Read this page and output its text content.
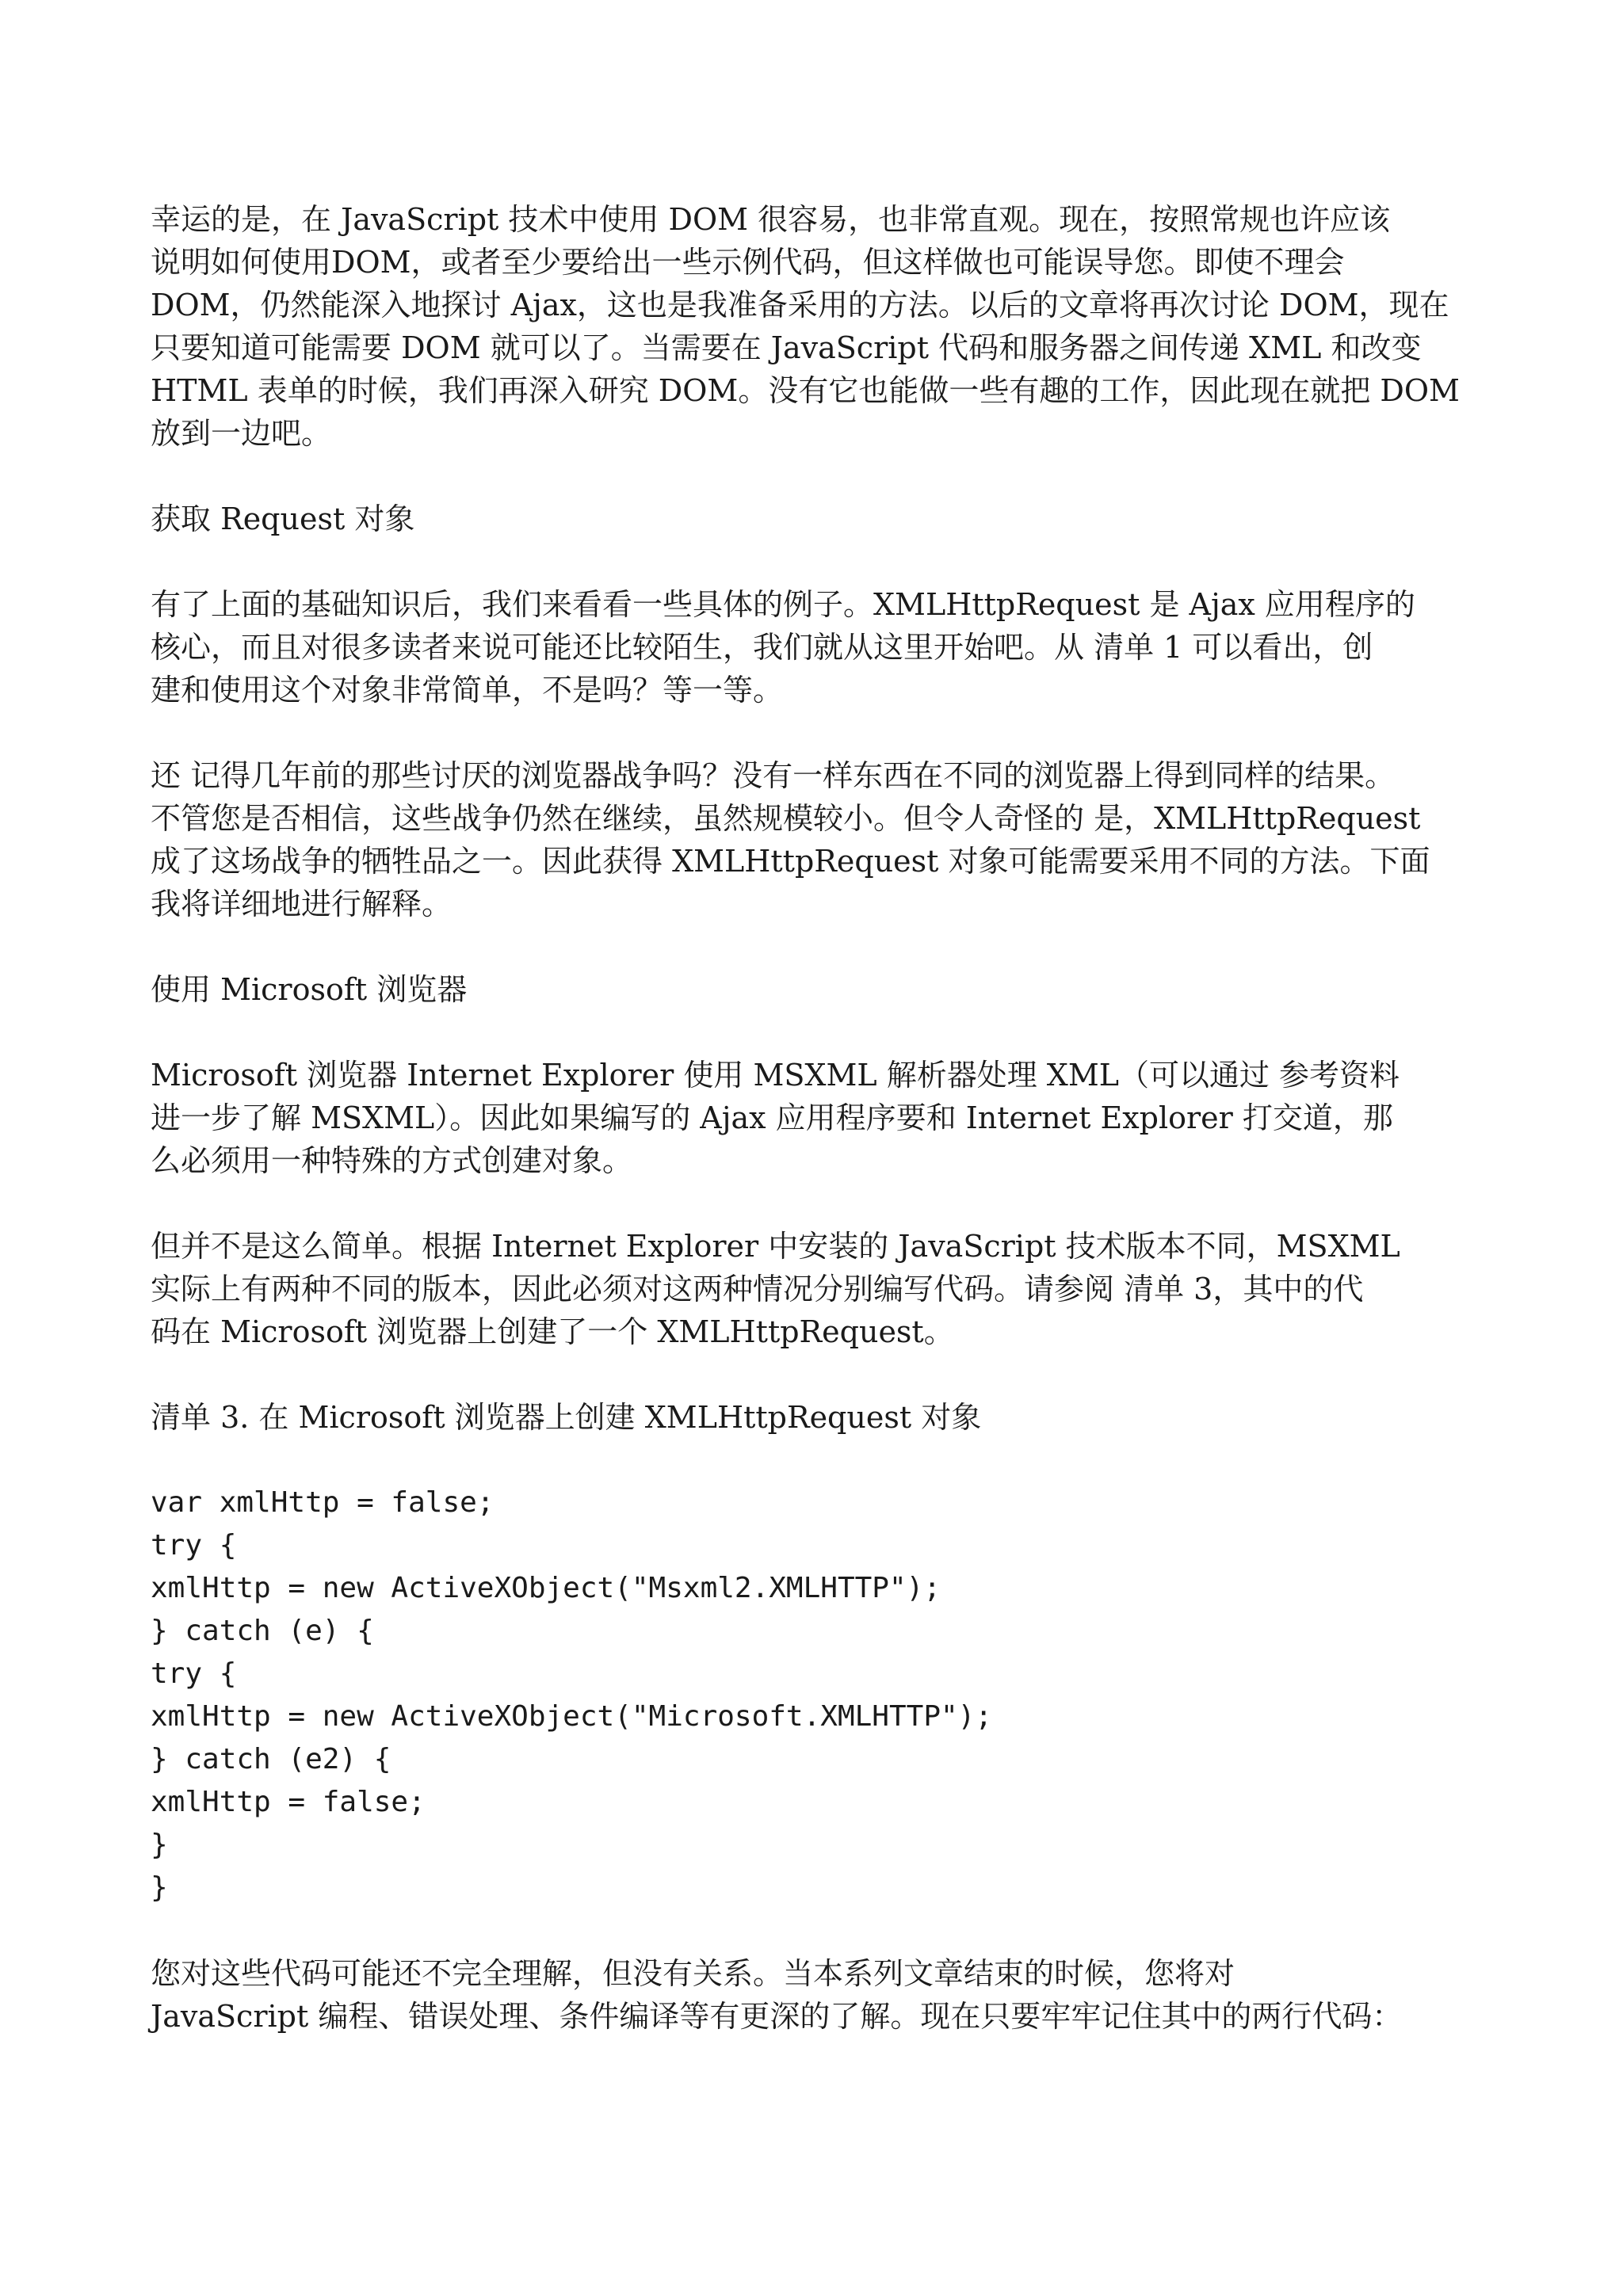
幸运的是，在 JavaScript 技术中使用 DOM 很容易，也非常直观。现在，按照常规也许应该
说明如何使用DOM，或者至少要给出一些示例代码，但这样做也可能误导您。即使不理会
DOM，仍然能深入地探讨 Ajax，这也是我准备采用的方法。以后的文章将再次讨论 DOM，现在
只要知道可能需要 DOM 就可以了。当需要在 JavaScript 代码和服务器之间传递 XML 和改变
HTML 表单的时候，我们再深入研究 DOM。没有它也能做一些有趣的工作，因此现在就把 DOM
放到一边吧。
获取 Request 对象
有了上面的基础知识后，我们来看看一些具体的例子。XMLHttpRequest 是 Ajax 应用程序的
核心，而且对很多读者来说可能还比较陌生，我们就从这里开始吧。从 清单 1 可以看出，创
建和使用这个对象非常简单，不是吗？等一等。
还 记得几年前的那些讨厌的浏览器战争吗？没有一样东西在不同的浏览器上得到同样的结果。
不管您是否相信，这些战争仍然在继续，虽然规模较小。但令人奇怪的 是，XMLHttpRequest
成了这场战争的牺牲品之一。因此获得 XMLHttpRequest 对象可能需要采用不同的方法。下面
我将详细地进行解释。
使用 Microsoft 浏览器
Microsoft 浏览器 Internet Explorer 使用 MSXML 解析器处理 XML（可以通过 参考资料
进一步了解 MSXML）。因此如果编写的 Ajax 应用程序要和 Internet Explorer 打交道，那
么必须用一种特殊的方式创建对象。
但并不是这么简单。根据 Internet Explorer 中安装的 JavaScript 技术版本不同，MSXML
实际上有两种不同的版本，因此必须对这两种情况分别编写代码。请参阅 清单 3，其中的代
码在 Microsoft 浏览器上创建了一个 XMLHttpRequest。
清单 3. 在 Microsoft 浏览器上创建 XMLHttpRequest 对象
var xmlHttp = false;
try {
xmlHttp = new ActiveXObject("Msxml2.XMLHTTP");
} catch (e) {
try {
xmlHttp = new ActiveXObject("Microsoft.XMLHTTP");
} catch (e2) {
xmlHttp = false;
}
}
您对这些代码可能还不完全理解，但没有关系。当本系列文章结束的时候，您将对
JavaScript 编程、错误处理、条件编译等有更深的了解。现在只要牢牢记住其中的两行代码：
